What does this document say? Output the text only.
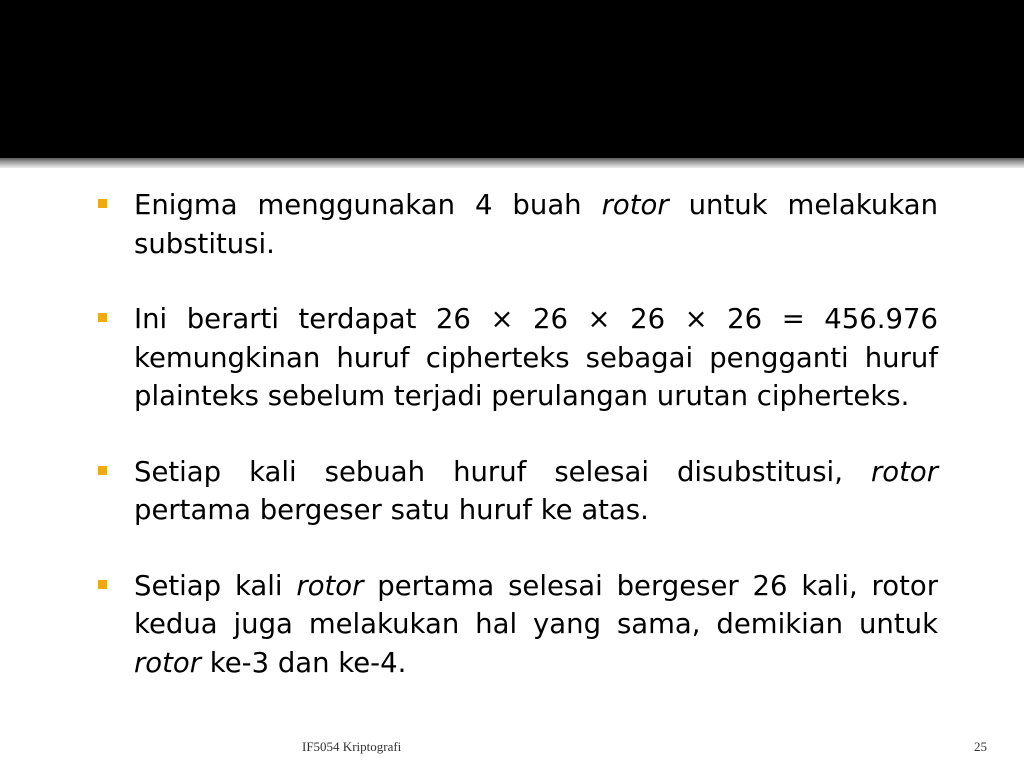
Enigma menggunakan 4 buah rotor untuk melakukan substitusi.
Ini berarti terdapat 26 × 26 × 26 × 26 = 456.976 kemungkinan huruf cipherteks sebagai pengganti huruf plainteks sebelum terjadi perulangan urutan cipherteks.
Setiap kali sebuah huruf selesai disubstitusi, rotor pertama bergeser satu huruf ke atas.
Setiap kali rotor pertama selesai bergeser 26 kali, rotor kedua juga melakukan hal yang sama, demikian untuk rotor ke-3 dan ke-4.
IF5054 Kriptografi	25
